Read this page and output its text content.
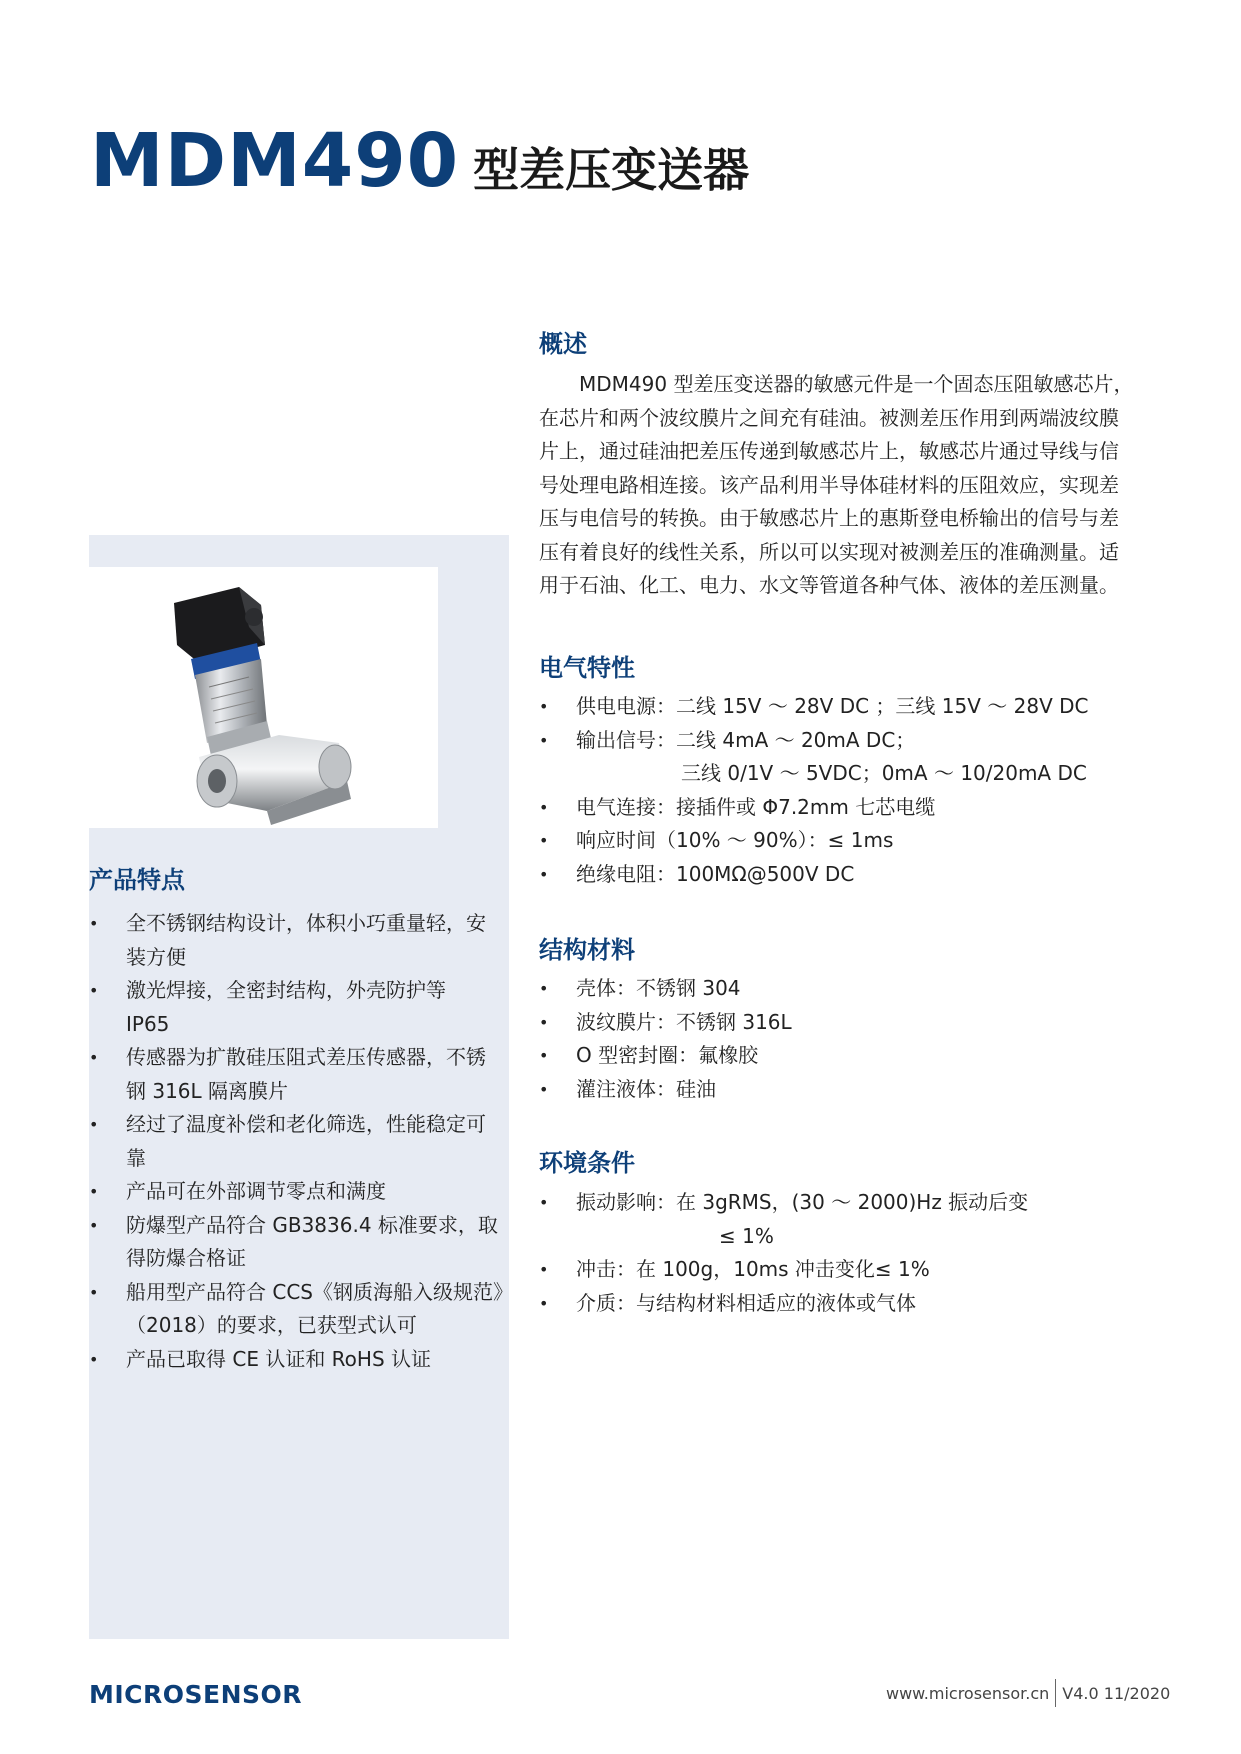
MDM490 型差压变送器
产品特点
• 全不锈钢结构设计，体积小巧重量轻，安
装方便
• 激光焊接，全密封结构，外壳防护等
IP65
• 传感器为扩散硅压阻式差压传感器，不锈
钢 316L 隔离膜片
• 经过了温度补偿和老化筛选，性能稳定可
靠
• 产品可在外部调节零点和满度
• 防爆型产品符合 GB3836.4 标准要求，取
得防爆合格证
• 船用型产品符合 CCS《钢质海船入级规范》
（2018）的要求，已获型式认可
• 产品已取得 CE 认证和 RoHS 认证
概述
MDM490 型差压变送器的敏感元件是一个固态压阻敏感芯片，
在芯片和两个波纹膜片之间充有硅油。被测差压作用到两端波纹膜
片上，通过硅油把差压传递到敏感芯片上，敏感芯片通过导线与信
号处理电路相连接。该产品利用半导体硅材料的压阻效应，实现差
压与电信号的转换。由于敏感芯片上的惠斯登电桥输出的信号与差
压有着良好的线性关系，所以可以实现对被测差压的准确测量。适
用于石油、化工、电力、水文等管道各种气体、液体的差压测量。
电气特性
• 供电电源：二线 15V ～ 28V DC ；三线 15V ～ 28V DC
• 输出信号：二线 4mA ～ 20mA DC；
三线 0/1V ～ 5VDC；0mA ～ 10/20mA DC
• 电气连接：接插件或 Φ7.2mm 七芯电缆
• 响应时间（10% ～ 90%）：≤ 1ms
• 绝缘电阻：100MΩ@500V DC
结构材料
• 壳体：不锈钢 304
• 波纹膜片：不锈钢 316L
• O 型密封圈：氟橡胶
• 灌注液体：硅油
环境条件
• 振动影响：在 3gRMS，(30 ～ 2000)Hz 振动后变
≤ 1%
• 冲击：在 100g，10ms 冲击变化≤ 1%
• 介质：与结构材料相适应的液体或气体
MICROSENSOR	www.microsensor.cn V4.0 11/2020
